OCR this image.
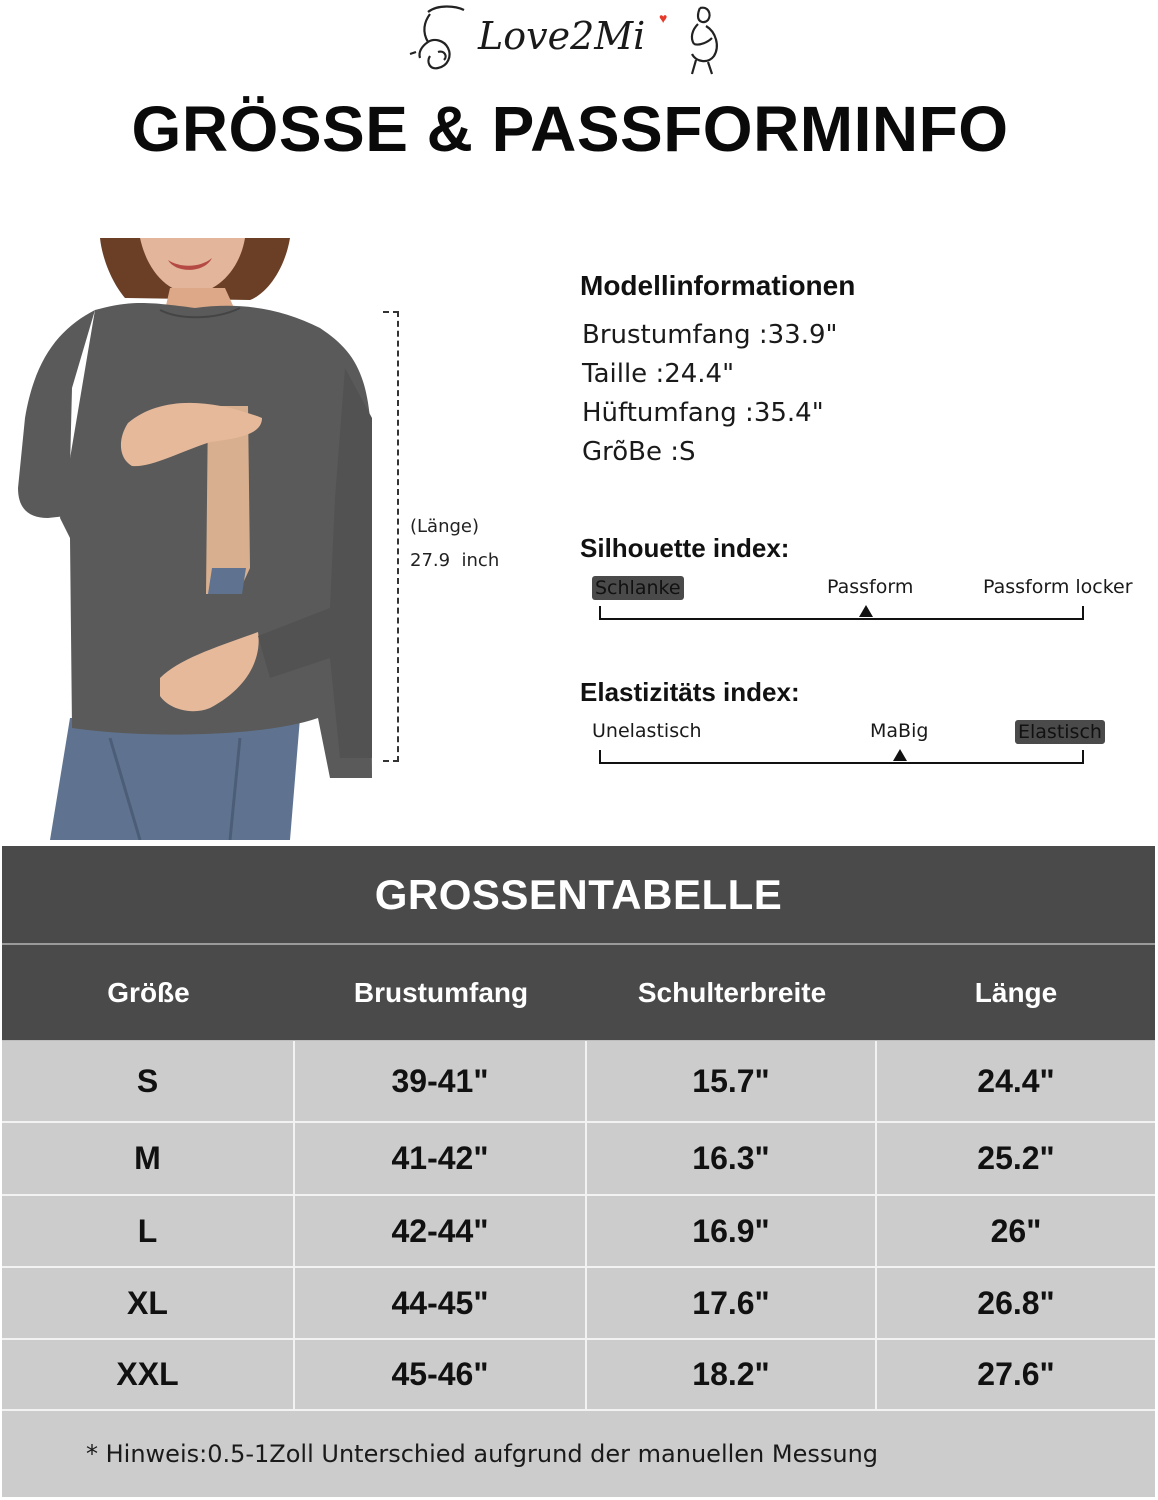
Love2Mi ♥
GRÖSSE & PASSFORMINFO
(Länge)
27.9  inch
Modellinformationen
Brustumfang :33.9"
Taille :24.4"
Hüftumfang :35.4"
GrõBe :S
Silhouette index:
Schlanke	Passform	Passform locker
Elastizitäts index:
Unelastisch	MaBig	Elastisch
GROSSENTABELLE
Größe	Brustumfang	Schulterbreite	Länge
S	39-41"	15.7"	24.4"
M	41-42"	16.3"	25.2"
L	42-44"	16.9"	26"
XL	44-45"	17.6"	26.8"
XXL	45-46"	18.2"	27.6"
* Hinweis:0.5-1Zoll Unterschied aufgrund der manuellen Messung
